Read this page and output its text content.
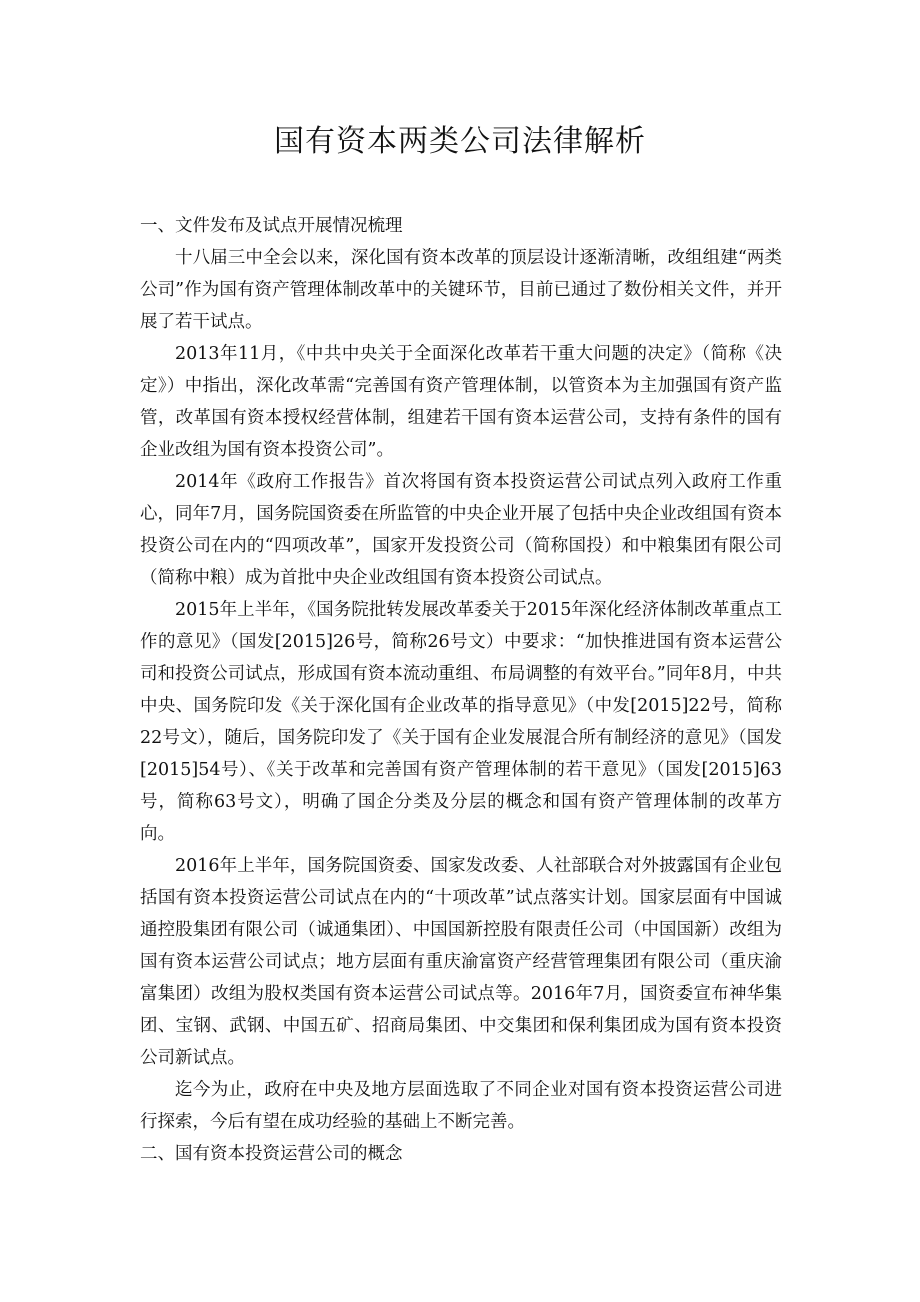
国有资本两类公司法律解析

一、文件发布及试点开展情况梳理

十八届三中全会以来，深化国有资本改革的顶层设计逐渐清晰，改组组建“两类公司”作为国有资产管理体制改革中的关键环节，目前已通过了数份相关文件，并开展了若干试点。

2013年11月，《中共中央关于全面深化改革若干重大问题的决定》（简称《决定》）中指出，深化改革需“完善国有资产管理体制，以管资本为主加强国有资产监管，改革国有资本授权经营体制，组建若干国有资本运营公司，支持有条件的国有企业改组为国有资本投资公司”。

2014年《政府工作报告》首次将国有资本投资运营公司试点列入政府工作重心，同年7月，国务院国资委在所监管的中央企业开展了包括中央企业改组国有资本投资公司在内的“四项改革”，国家开发投资公司（简称国投）和中粮集团有限公司（简称中粮）成为首批中央企业改组国有资本投资公司试点。

2015年上半年，《国务院批转发展改革委关于2015年深化经济体制改革重点工作的意见》（国发[2015]26号，简称26号文）中要求：“加快推进国有资本运营公司和投资公司试点，形成国有资本流动重组、布局调整的有效平台。”同年8月，中共中央、国务院印发《关于深化国有企业改革的指导意见》（中发[2015]22号，简称22号文），随后，国务院印发了《关于国有企业发展混合所有制经济的意见》（国发[2015]54号）、《关于改革和完善国有资产管理体制的若干意见》（国发[2015]63号，简称63号文），明确了国企分类及分层的概念和国有资产管理体制的改革方向。

2016年上半年，国务院国资委、国家发改委、人社部联合对外披露国有企业包括国有资本投资运营公司试点在内的“十项改革”试点落实计划。国家层面有中国诚通控股集团有限公司（诚通集团）、中国国新控股有限责任公司（中国国新）改组为国有资本运营公司试点；地方层面有重庆渝富资产经营管理集团有限公司（重庆渝富集团）改组为股权类国有资本运营公司试点等。2016年7月，国资委宣布神华集团、宝钢、武钢、中国五矿、招商局集团、中交集团和保利集团成为国有资本投资公司新试点。

迄今为止，政府在中央及地方层面选取了不同企业对国有资本投资运营公司进行探索，今后有望在成功经验的基础上不断完善。

二、国有资本投资运营公司的概念
